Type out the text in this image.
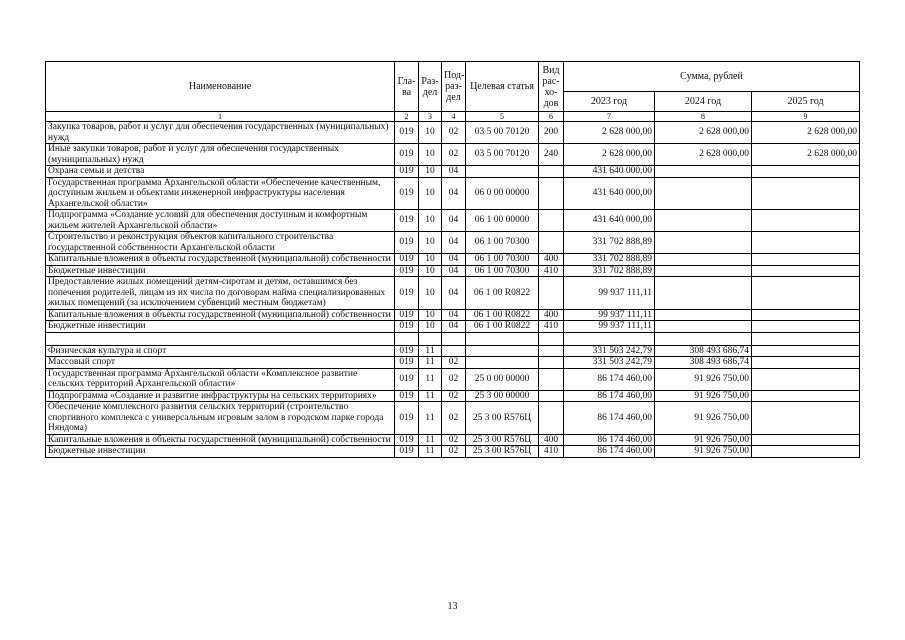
Наименование	Гла-ва	Раз-дел	Под-раз-дел	Целевая статья	Вид рас-хо-дов	Сумма, рублей		
						2023 год	2024 год	2025 год
1	2	3	4	5	6	7	8	9
Закупка товаров, работ и услуг для обеспечения государственных (муниципальных) нужд	019	10	02	03 5 00 70120	200	2 628 000,00	2 628 000,00	2 628 000,00
Иные закупки товаров, работ и услуг для обеспечения государственных (муниципальных) нужд	019	10	02	03 5 00 70120	240	2 628 000,00	2 628 000,00	2 628 000,00
Охрана семьи и детства	019	10	04			431 640 000,00		
Государственная программа Архангельской области «Обеспечение качественным, доступным жильем и объектами инженерной инфраструктуры населения Архангельской области»	019	10	04	06 0 00 00000		431 640 000,00		
Подпрограмма «Создание условий для обеспечения доступным и комфортным жильем жителей Архангельской области»	019	10	04	06 1 00 00000		431 640 000,00		
Строительство и реконструкция объектов капитального строительства государственной собственности Архангельской области	019	10	04	06 1 00 70300		331 702 888,89		
Капитальные вложения в объекты государственной (муниципальной) собственности	019	10	04	06 1 00 70300	400	331 702 888,89		
Бюджетные инвестиции	019	10	04	06 1 00 70300	410	331 702 888,89		
Предоставление жилых помещений детям-сиротам и детям, оставшимся без попечения родителей, лицам из их числа по договорам найма специализированных жилых помещений (за исключением субвенций местным бюджетам)	019	10	04	06 1 00 R0822		99 937 111,11		
Капитальные вложения в объекты государственной (муниципальной) собственности	019	10	04	06 1 00 R0822	400	99 937 111,11		
Бюджетные инвестиции	019	10	04	06 1 00 R0822	410	99 937 111,11		

Физическая культура и спорт	019	11				331 503 242,79	308 493 686,74	
Массовый спорт	019	11	02			331 503 242,79	308 493 686,74	
Государственная программа Архангельской области «Комплексное развитие сельских территорий Архангельской области»	019	11	02	25 0 00 00000		86 174 460,00	91 926 750,00	
Подпрограмма «Создание и развитие инфраструктуры на сельских территориях»	019	11	02	25 3 00 00000		86 174 460,00	91 926 750,00	
Обеспечение комплексного развития сельских территорий (строительство спортивного комплекса с универсальным игровым залом в городском парке города Няндома)	019	11	02	25 3 00 R576Ц		86 174 460,00	91 926 750,00	
Капитальные вложения в объекты государственной (муниципальной) собственности	019	11	02	25 3 00 R576Ц	400	86 174 460,00	91 926 750,00	
Бюджетные инвестиции	019	11	02	25 3 00 R576Ц	410	86 174 460,00	91 926 750,00	
13
